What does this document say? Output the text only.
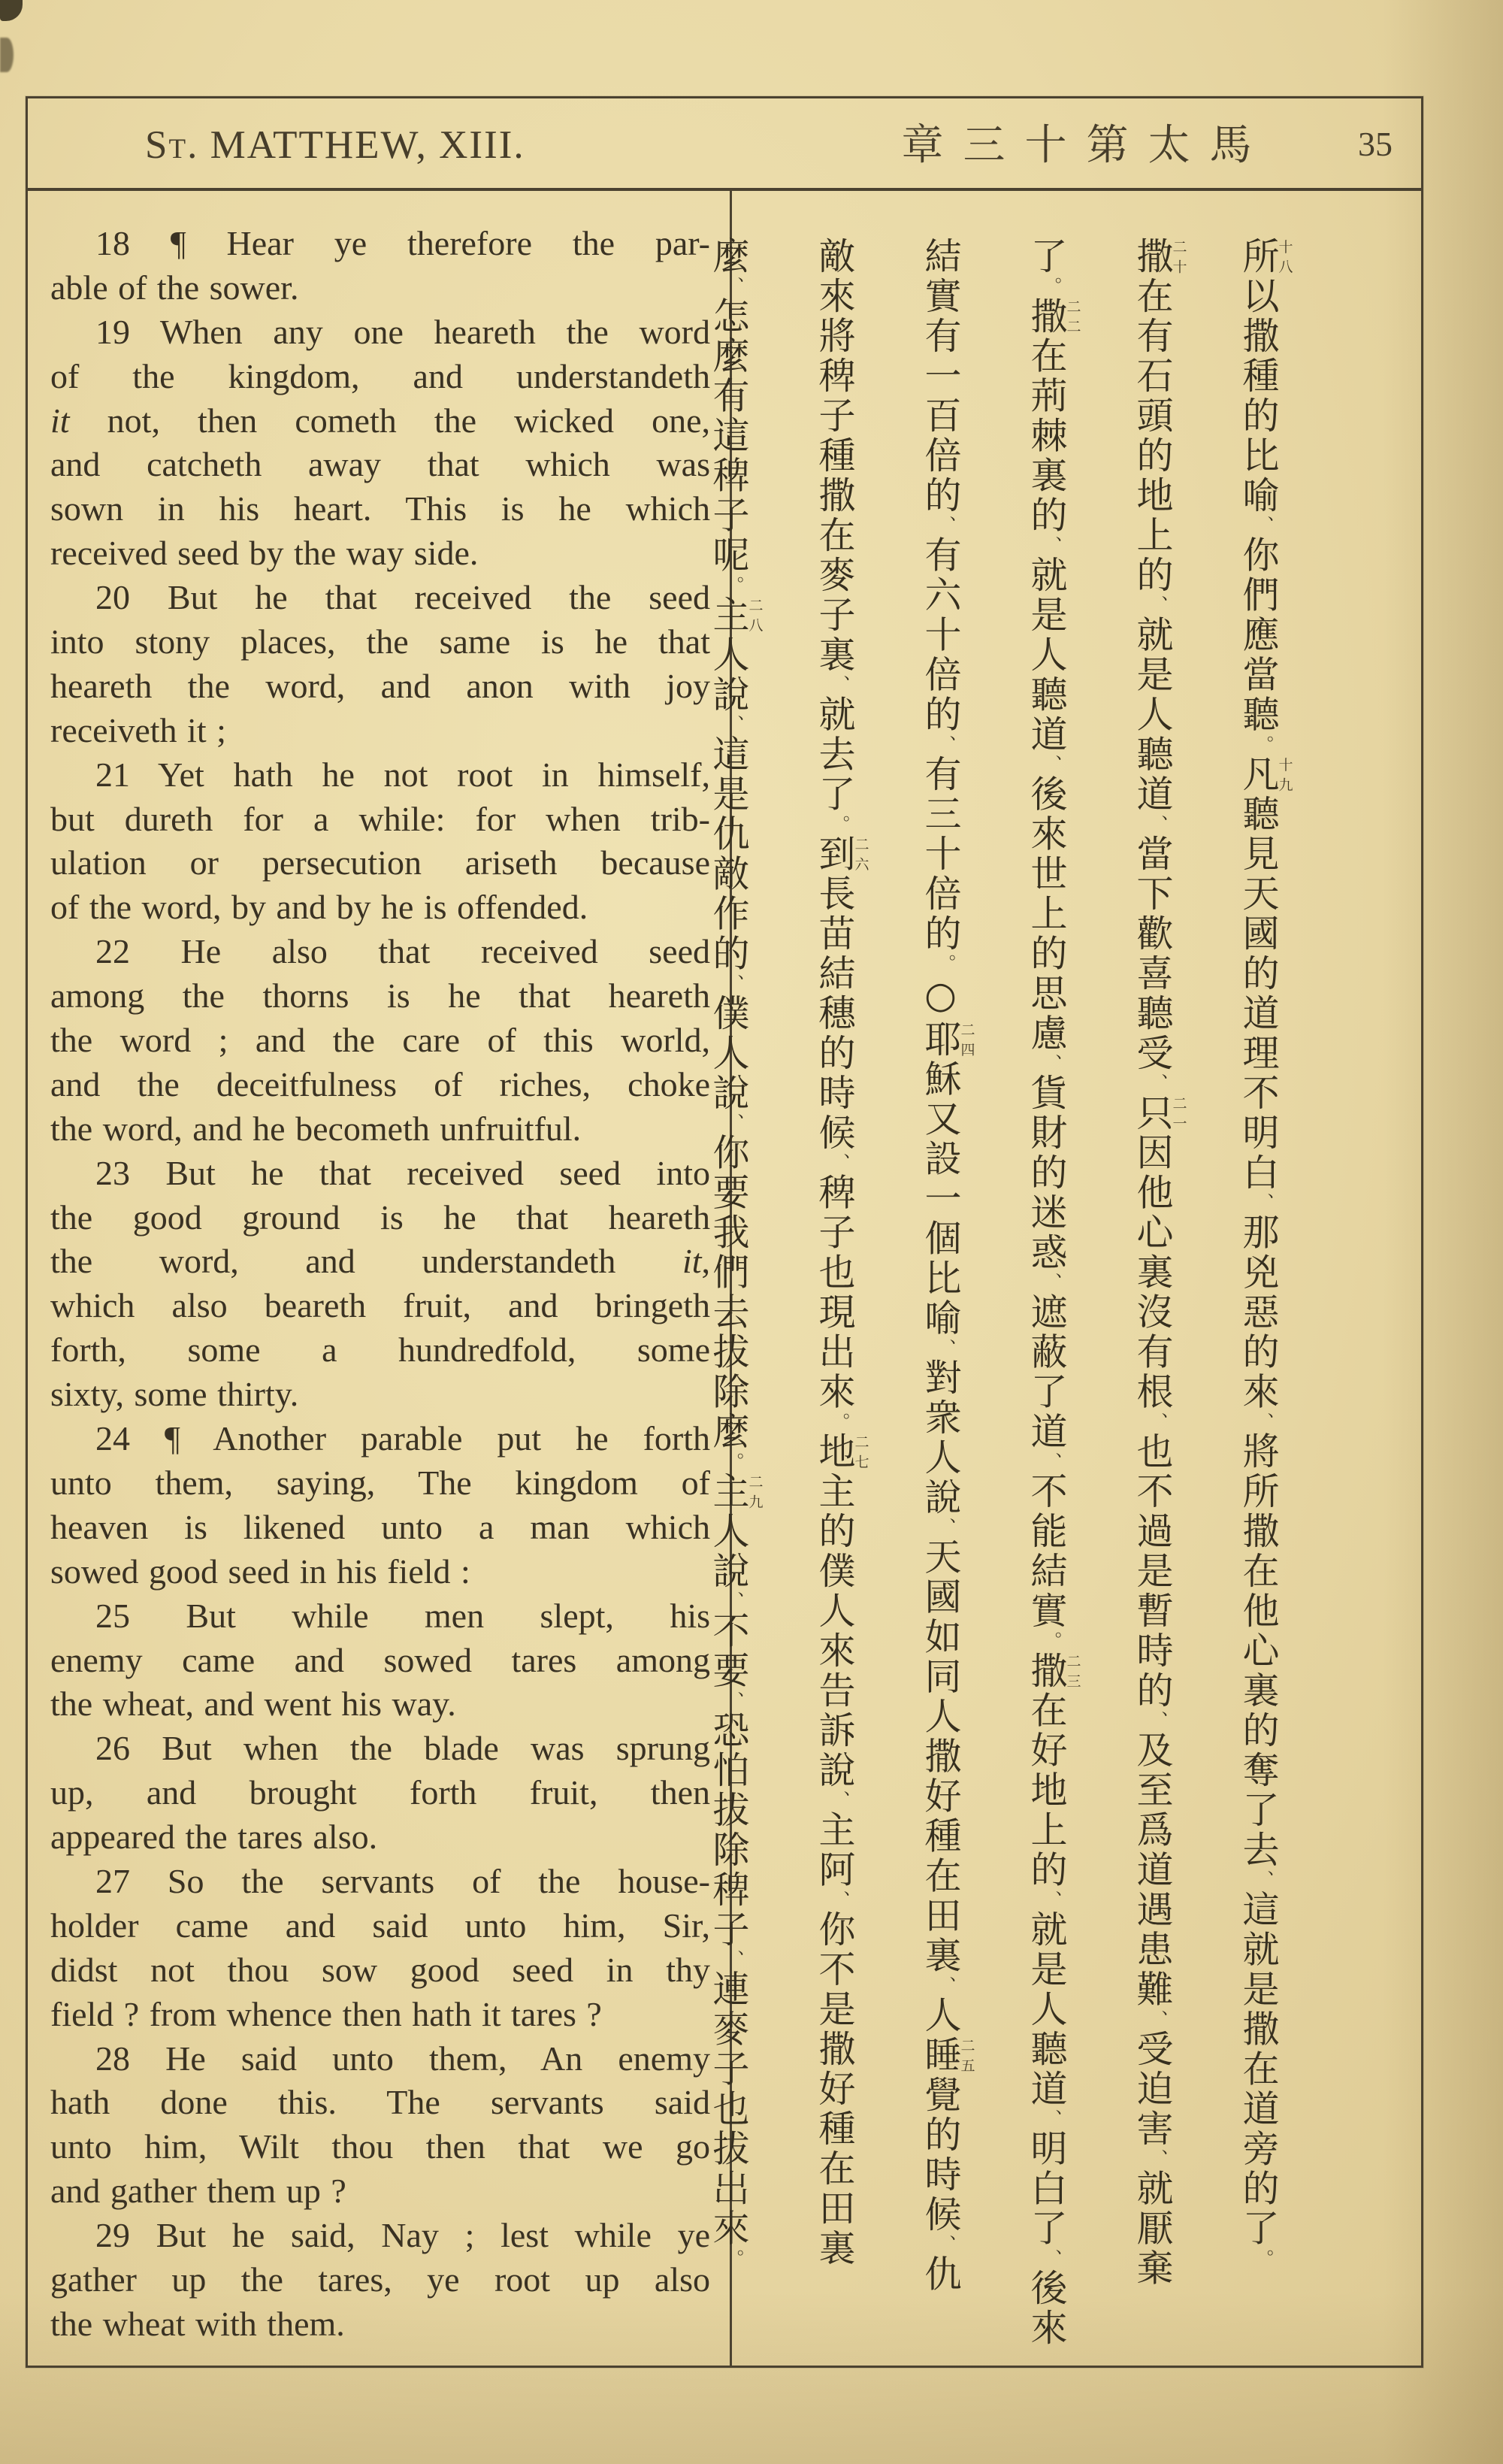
St. MATTHEW, XIII.	章三十第太馬	35
18 ¶ Hear ye therefore the par-
able of the sower.
19 When any one heareth the word
of the kingdom, and understandeth
it not, then cometh the wicked one,
and catcheth away that which was
sown in his heart. This is he which
received seed by the way side.
20 But he that received the seed
into stony places, the same is he that
heareth the word, and anon with joy
receiveth it ;
21 Yet hath he not root in himself,
but dureth for a while: for when trib-
ulation or persecution ariseth because
of the word, by and by he is offended.
22 He also that received seed
among the thorns is he that heareth
the word ; and the care of this world,
and the deceitfulness of riches, choke
the word, and he becometh unfruitful.
23 But he that received seed into
the good ground is he that heareth
the word, and understandeth it,
which also beareth fruit, and bringeth
forth, some a hundredfold, some
sixty, some thirty.
24 ¶ Another parable put he forth
unto them, saying, The kingdom of
heaven is likened unto a man which
sowed good seed in his field :
25 But while men slept, his
enemy came and sowed tares among
the wheat, and went his way.
26 But when the blade was sprung
up, and brought forth fruit, then
appeared the tares also.
27 So the servants of the house-
holder came and said unto him, Sir,
didst not thou sow good seed in thy
field ? from whence then hath it tares ?
28 He said unto them, An enemy
hath done this. The servants said
unto him, Wilt thou then that we go
and gather them up ?
29 But he said, Nay ; lest while ye
gather up the tares, ye root up also
the wheat with them.
所十八以撒種的比喻、你們應當聽。凡十九聽見天國的道理不明白、那兇惡的來、將所撒在他心裏的奪了去、這就是撒在道旁的了。
撒二十在有石頭的地上的、就是人聽道、當下歡喜聽受、只二一因他心裏沒有根、也不過是暫時的、及至爲道遇患難、受迫害、就厭棄
了。撒二二在荊棘裏的、就是人聽道、後來世上的思慮、貨財的迷惑、遮蔽了道、不能結實。撒二三在好地上的、就是人聽道、明白了、後來
結實有一百倍的、有六十倍的、有三十倍的。○耶二四穌又設一個比喻、對衆人說、天國如同人撒好種在田裏、人睡二五覺的時候、仇
敵來將稗子種撒在麥子裏、就去了。到二六長苗結穗的時候、稗子也現出來。地二七主的僕人來告訴說、主阿、你不是撒好種在田裏
麼、怎麼有這稗子呢。主二八人說、這是仇敵作的、僕人說、你要我們去拔除麼。主二九人說、不要、恐怕拔除稗子、連麥子也拔出來。
